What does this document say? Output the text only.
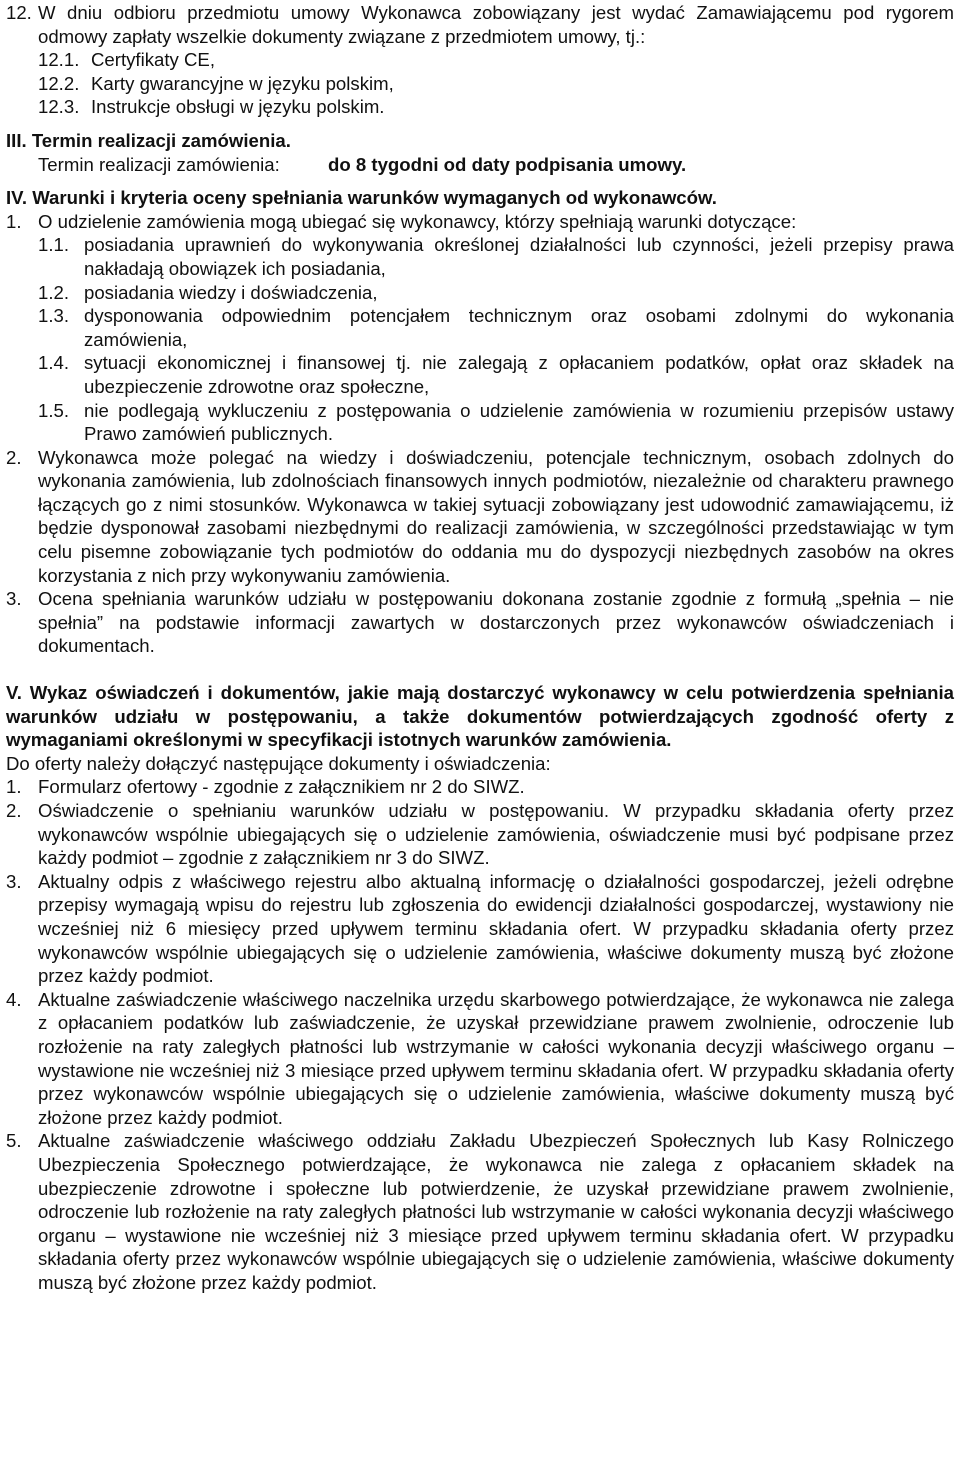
12. W dniu odbioru przedmiotu umowy Wykonawca zobowiązany jest wydać Zamawiającemu pod rygorem odmowy zapłaty wszelkie dokumenty związane z przedmiotem umowy, tj.:
12.1. Certyfikaty CE,
12.2. Karty gwarancyjne w języku polskim,
12.3. Instrukcje obsługi w języku polskim.
III. Termin realizacji zamówienia.
Termin realizacji zamówienia:	do 8 tygodni od daty podpisania umowy.
IV. Warunki i kryteria oceny spełniania warunków wymaganych od wykonawców.
1. O udzielenie zamówienia mogą ubiegać się wykonawcy, którzy spełniają warunki dotyczące:
1.1. posiadania uprawnień do wykonywania określonej działalności lub czynności, jeżeli przepisy prawa nakładają obowiązek ich posiadania,
1.2. posiadania wiedzy i doświadczenia,
1.3. dysponowania odpowiednim potencjałem technicznym oraz osobami zdolnymi do wykonania zamówienia,
1.4. sytuacji ekonomicznej i finansowej tj. nie zalegają z opłacaniem podatków, opłat oraz składek na ubezpieczenie zdrowotne oraz społeczne,
1.5. nie podlegają wykluczeniu z postępowania o udzielenie zamówienia w rozumieniu przepisów ustawy Prawo zamówień publicznych.
2. Wykonawca może polegać na wiedzy i doświadczeniu, potencjale technicznym, osobach zdolnych do wykonania zamówienia, lub zdolnościach finansowych innych podmiotów, niezależnie od charakteru prawnego łączących go z nimi stosunków. Wykonawca w takiej sytuacji zobowiązany jest udowodnić zamawiającemu, iż będzie dysponował zasobami niezbędnymi do realizacji zamówienia, w szczególności przedstawiając w tym celu pisemne zobowiązanie tych podmiotów do oddania mu do dyspozycji niezbędnych zasobów na okres korzystania z nich przy wykonywaniu zamówienia.
3. Ocena spełniania warunków udziału w postępowaniu dokonana zostanie zgodnie z formułą „spełnia – nie spełnia” na podstawie informacji zawartych w dostarczonych przez wykonawców oświadczeniach i dokumentach.
V. Wykaz oświadczeń i dokumentów, jakie mają dostarczyć wykonawcy w celu potwierdzenia spełniania warunków udziału w postępowaniu, a także dokumentów potwierdzających zgodność oferty z wymaganiami określonymi w specyfikacji istotnych warunków zamówienia.
Do oferty należy dołączyć następujące dokumenty i oświadczenia:
1. Formularz ofertowy - zgodnie z załącznikiem nr 2 do SIWZ.
2. Oświadczenie o spełnianiu warunków udziału w postępowaniu. W przypadku składania oferty przez wykonawców wspólnie ubiegających się o udzielenie zamówienia, oświadczenie musi być podpisane przez każdy podmiot – zgodnie z załącznikiem nr 3 do SIWZ.
3. Aktualny odpis z właściwego rejestru albo aktualną informację o działalności gospodarczej, jeżeli odrębne przepisy wymagają wpisu do rejestru lub zgłoszenia do ewidencji działalności gospodarczej, wystawiony nie wcześniej niż 6 miesięcy przed upływem terminu składania ofert. W przypadku składania oferty przez wykonawców wspólnie ubiegających się o udzielenie zamówienia, właściwe dokumenty muszą być złożone przez każdy podmiot.
4. Aktualne zaświadczenie właściwego naczelnika urzędu skarbowego potwierdzające, że wykonawca nie zalega z opłacaniem podatków lub zaświadczenie, że uzyskał przewidziane prawem zwolnienie, odroczenie lub rozłożenie na raty zaległych płatności lub wstrzymanie w całości wykonania decyzji właściwego organu – wystawione nie wcześniej niż 3 miesiące przed upływem terminu składania ofert. W przypadku składania oferty przez wykonawców wspólnie ubiegających się o udzielenie zamówienia, właściwe dokumenty muszą być złożone przez każdy podmiot.
5. Aktualne zaświadczenie właściwego oddziału Zakładu Ubezpieczeń Społecznych lub Kasy Rolniczego Ubezpieczenia Społecznego potwierdzające, że wykonawca nie zalega z opłacaniem składek na ubezpieczenie zdrowotne i społeczne lub potwierdzenie, że uzyskał przewidziane prawem zwolnienie, odroczenie lub rozłożenie na raty zaległych płatności lub wstrzymanie w całości wykonania decyzji właściwego organu – wystawione nie wcześniej niż 3 miesiące przed upływem terminu składania ofert. W przypadku składania oferty przez wykonawców wspólnie ubiegających się o udzielenie zamówienia, właściwe dokumenty muszą być złożone przez każdy podmiot.
